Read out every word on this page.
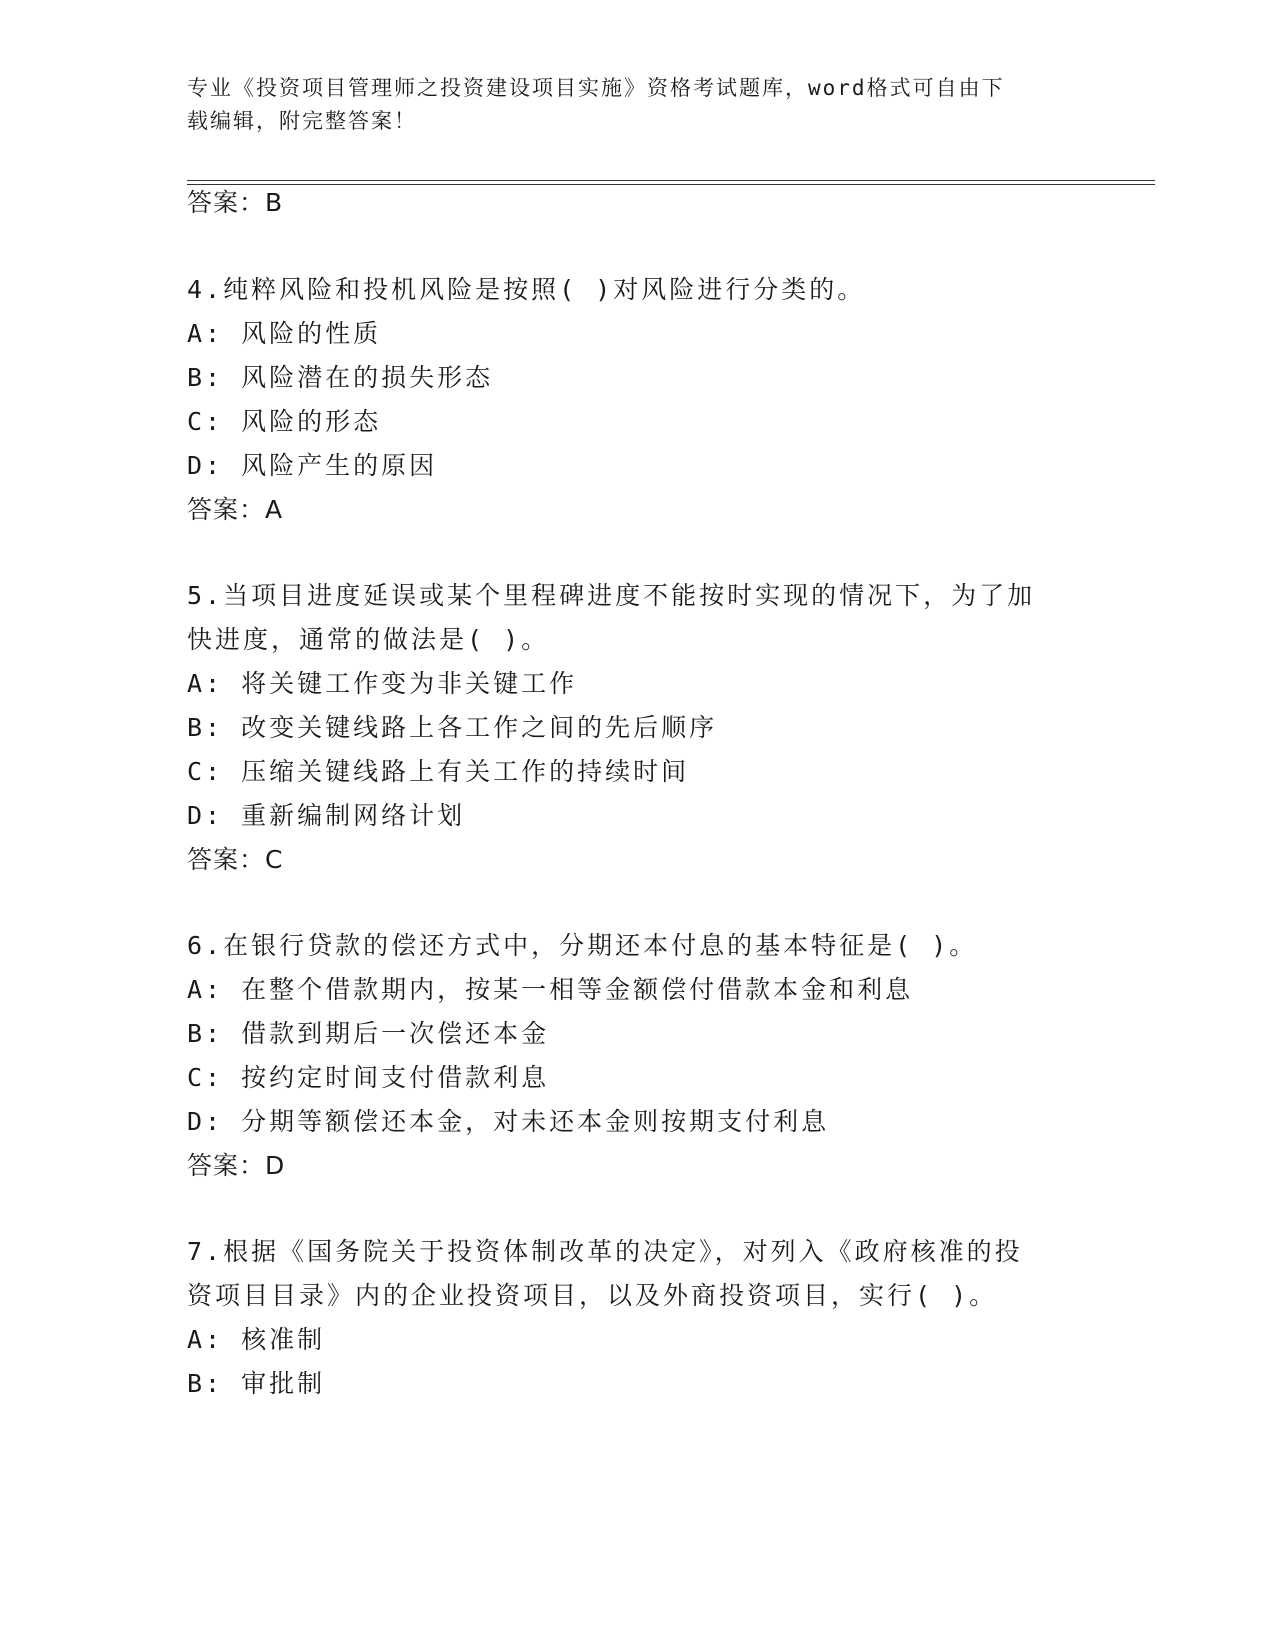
专业《投资项目管理师之投资建设项目实施》资格考试题库，word格式可自由下
载编辑，附完整答案！
答案：B
4.纯粹风险和投机风险是按照( )对风险进行分类的。
A: 风险的性质
B: 风险潜在的损失形态
C: 风险的形态
D: 风险产生的原因
答案：A
5.当项目进度延误或某个里程碑进度不能按时实现的情况下，为了加
快进度，通常的做法是( )。
A: 将关键工作变为非关键工作
B: 改变关键线路上各工作之间的先后顺序
C: 压缩关键线路上有关工作的持续时间
D: 重新编制网络计划
答案：C
6.在银行贷款的偿还方式中，分期还本付息的基本特征是( )。
A: 在整个借款期内，按某一相等金额偿付借款本金和利息
B: 借款到期后一次偿还本金
C: 按约定时间支付借款利息
D: 分期等额偿还本金，对未还本金则按期支付利息
答案：D
7.根据《国务院关于投资体制改革的决定》，对列入《政府核准的投
资项目目录》内的企业投资项目，以及外商投资项目，实行( )。
A: 核准制
B: 审批制
